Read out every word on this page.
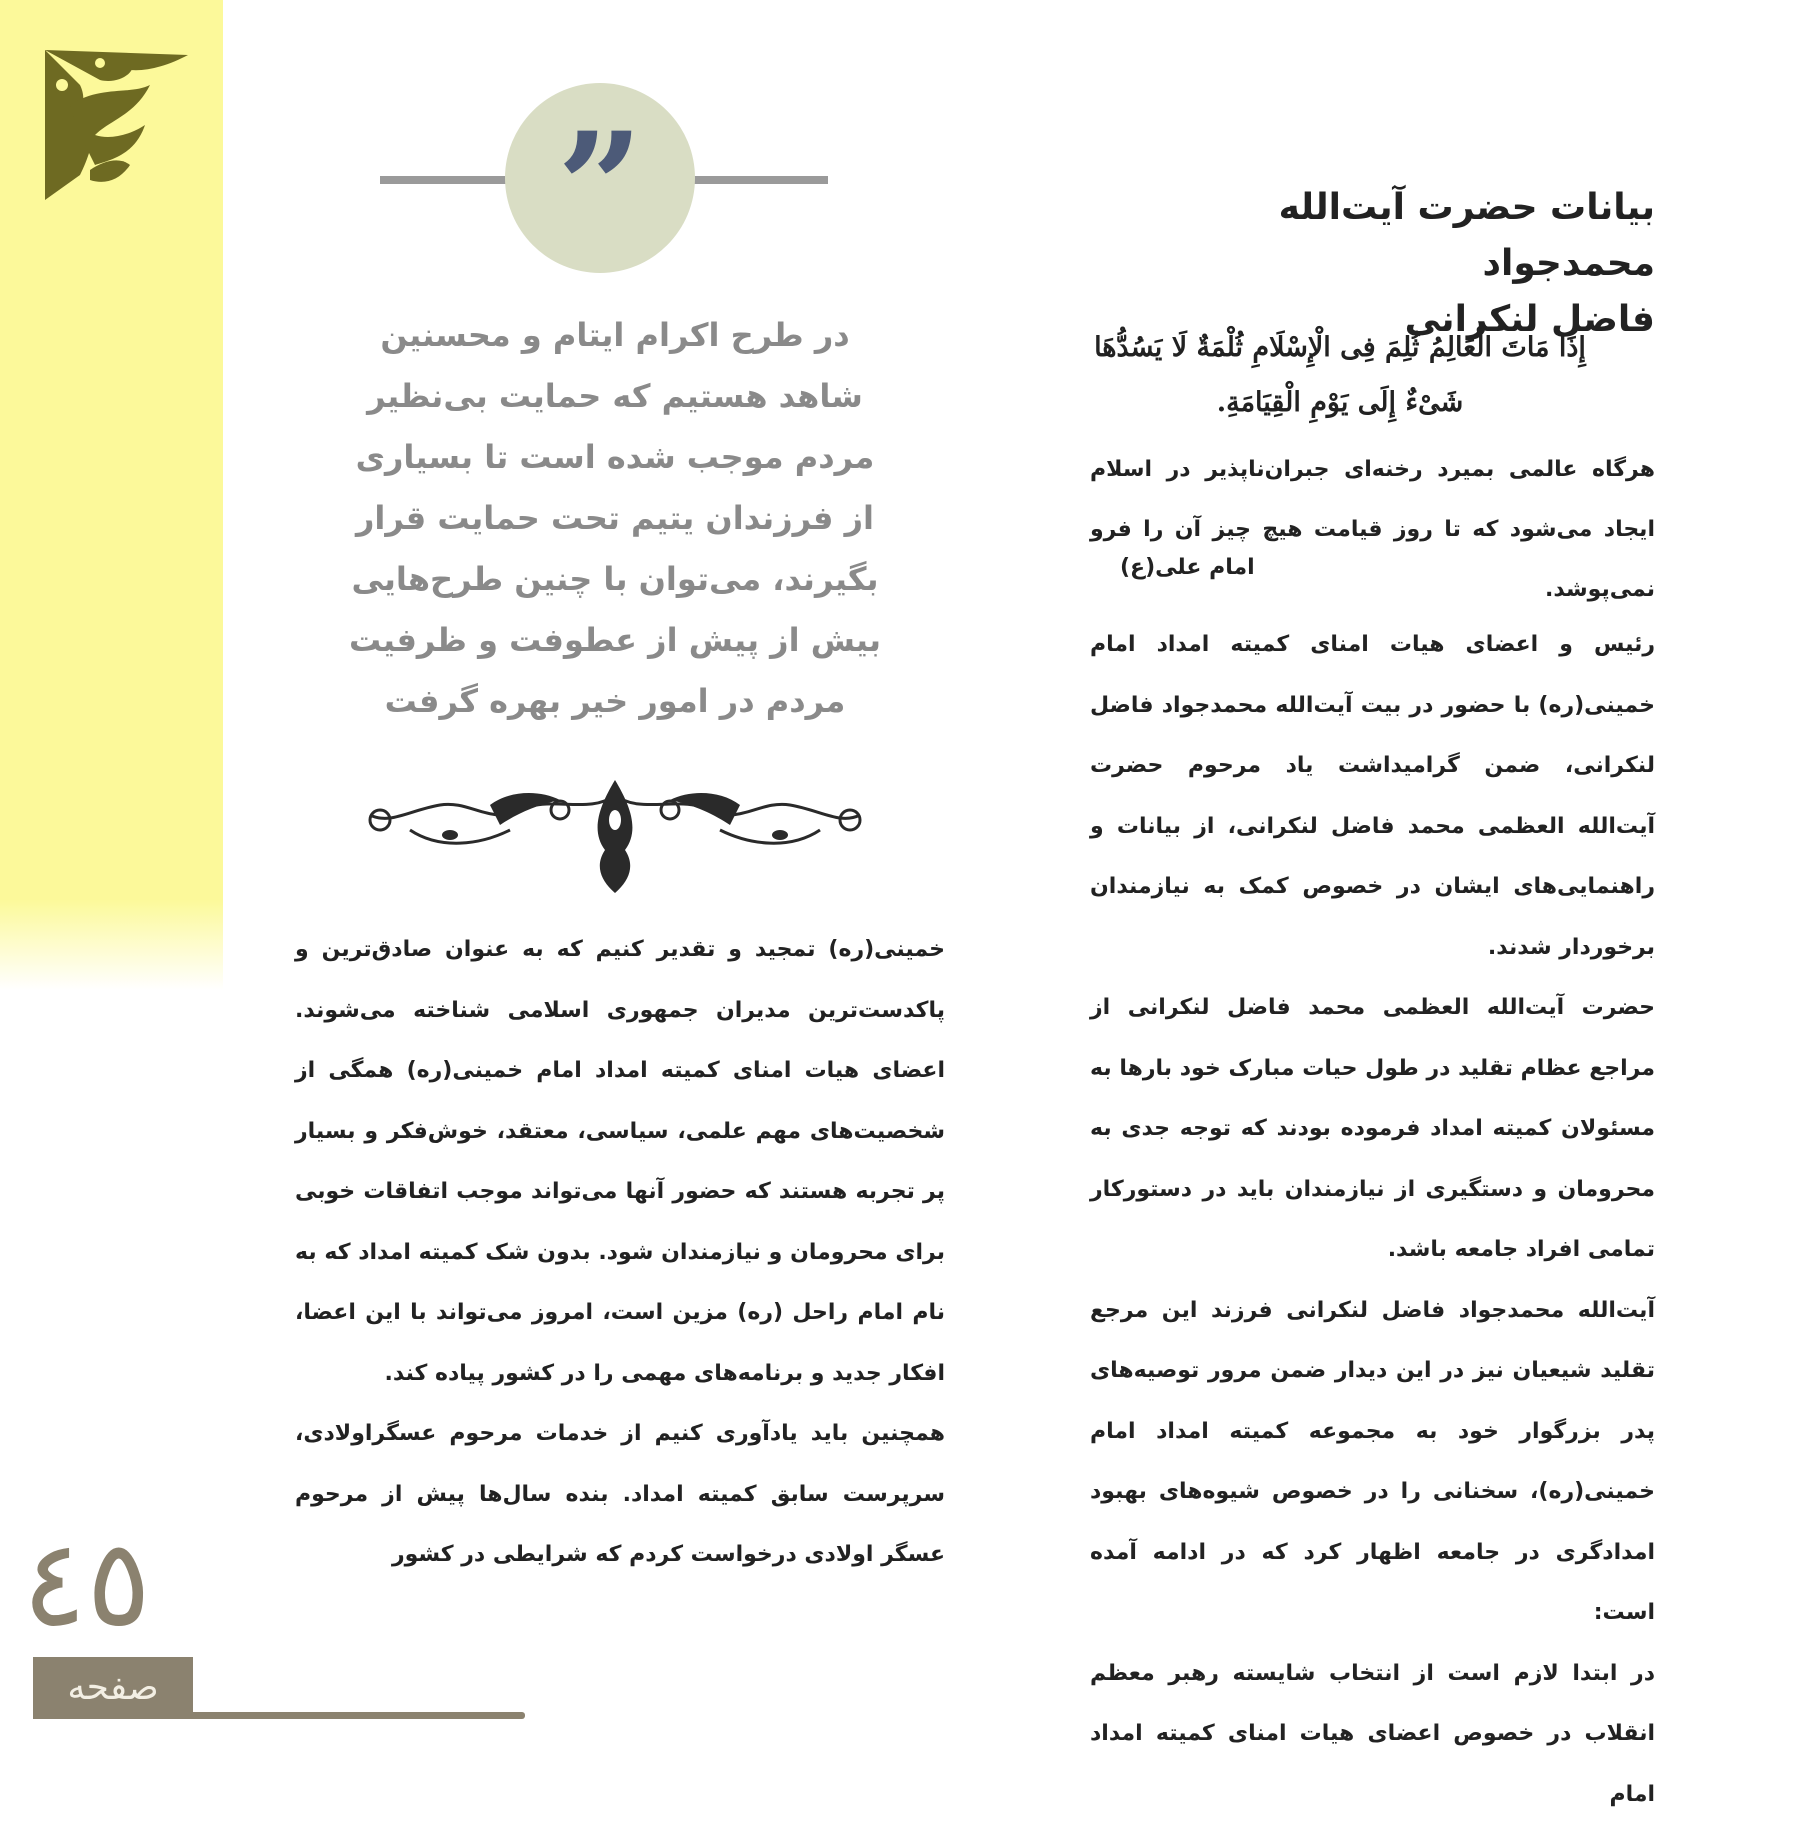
بیانات حضرت آیت‌الله محمدجواد
فاضل لنکرانی
إِذَا مَاتَ الْعَالِمُ ثُلِمَ فِی الْإِسْلَامِ ثُلْمَةٌ لَا یَسُدُّهَا
شَیْ‌ءٌ إِلَی یَوْمِ الْقِیَامَةِ.
هرگاه عالمی بمیرد رخنه‌ای جبران‌ناپذیر در اسلام ایجاد می‌شود که تا روز قیامت هیچ چیز آن را فرو نمی‌پوشد.
امام علی(ع)

رئیس و اعضای هیات امنای کمیته امداد امام خمینی(ره) با حضور در بیت آیت‌الله محمدجواد فاضل لنکرانی، ضمن گرامیداشت یاد مرحوم حضرت آیت‌الله العظمی محمد فاضل لنکرانی، از بیانات و راهنمایی‌های ایشان در خصوص کمک به نیازمندان برخوردار شدند.

حضرت آیت‌الله العظمی محمد فاضل لنکرانی از مراجع عظام تقلید در طول حیات مبارک خود بارها به مسئولان کمیته امداد فرموده بودند که توجه جدی به محرومان و دستگیری از نیازمندان باید در دستورکار تمامی افراد جامعه باشد.

آیت‌الله محمدجواد فاضل لنکرانی فرزند این مرجع تقلید شیعیان نیز در این دیدار ضمن مرور توصیه‌های پدر بزرگوار خود به مجموعه کمیته امداد امام خمینی(ره)، سخنانی را در خصوص شیوه‌های بهبود امدادگری در جامعه اظهار کرد که در ادامه آمده است:

در ابتدا لازم است از انتخاب شایسته رهبر معظم انقلاب در خصوص اعضای هیات امنای کمیته امداد امام

”
در طرح اکرام ایتام و محسنین شاهد هستیم که حمایت بی‌نظیر مردم موجب شده است تا بسیاری از فرزندان یتیم تحت حمایت قرار بگیرند، می‌توان با چنین طرح‌هایی بیش از پیش از عطوفت و ظرفیت مردم در امور خیر بهره گرفت

خمینی(ره) تمجید و تقدیر کنیم که به عنوان صادق‌ترین و پاکدست‌ترین مدیران جمهوری اسلامی شناخته می‌شوند. اعضای هیات امنای کمیته امداد امام خمینی(ره) همگی از شخصیت‌های مهم علمی، سیاسی، معتقد، خوش‌فکر و بسیار پر تجربه هستند که حضور آنها می‌تواند موجب اتفاقات خوبی برای محرومان و نیازمندان شود. بدون شک کمیته امداد که به نام امام راحل (ره) مزین است، امروز می‌تواند با این اعضا، افکار جدید و برنامه‌های مهمی را در کشور پیاده کند.

همچنین باید یادآوری کنیم از خدمات مرحوم عسگراولادی، سرپرست سابق کمیته امداد. بنده سال‌ها پیش از مرحوم عسگر اولادی درخواست کردم که شرایطی در کشور

٤٥
صفحه
